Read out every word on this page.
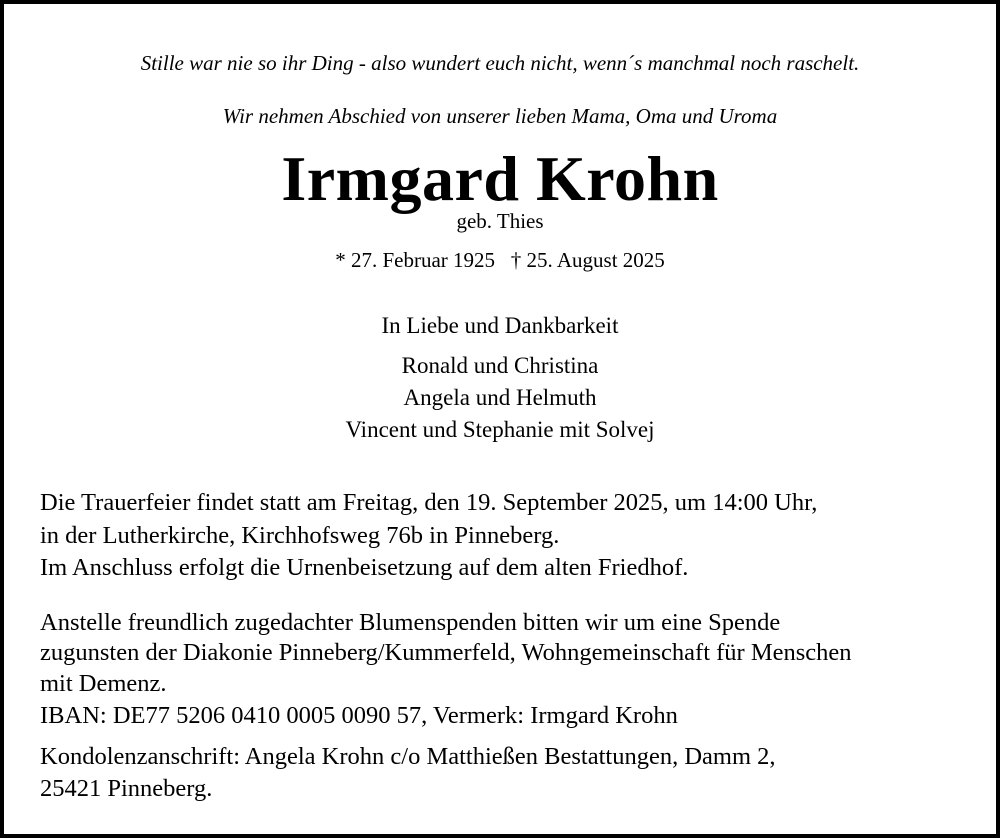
Stille war nie so ihr Ding - also wundert euch nicht, wenn´s manchmal noch raschelt.
Wir nehmen Abschied von unserer lieben Mama, Oma und Uroma
Irmgard Krohn
geb. Thies
* 27. Februar 1925 † 25. August 2025
In Liebe und Dankbarkeit
Ronald und Christina
Angela und Helmuth
Vincent und Stephanie mit Solvej
Die Trauerfeier findet statt am Freitag, den 19. September 2025, um 14:00 Uhr,
in der Lutherkirche, Kirchhofsweg 76b in Pinneberg.
Im Anschluss erfolgt die Urnenbeisetzung auf dem alten Friedhof.
Anstelle freundlich zugedachter Blumenspenden bitten wir um eine Spende
zugunsten der Diakonie Pinneberg/Kummerfeld, Wohngemeinschaft für Menschen
mit Demenz.
IBAN: DE77 5206 0410 0005 0090 57, Vermerk: Irmgard Krohn
Kondolenzanschrift: Angela Krohn c/o Matthießen Bestattungen, Damm 2,
25421 Pinneberg.
